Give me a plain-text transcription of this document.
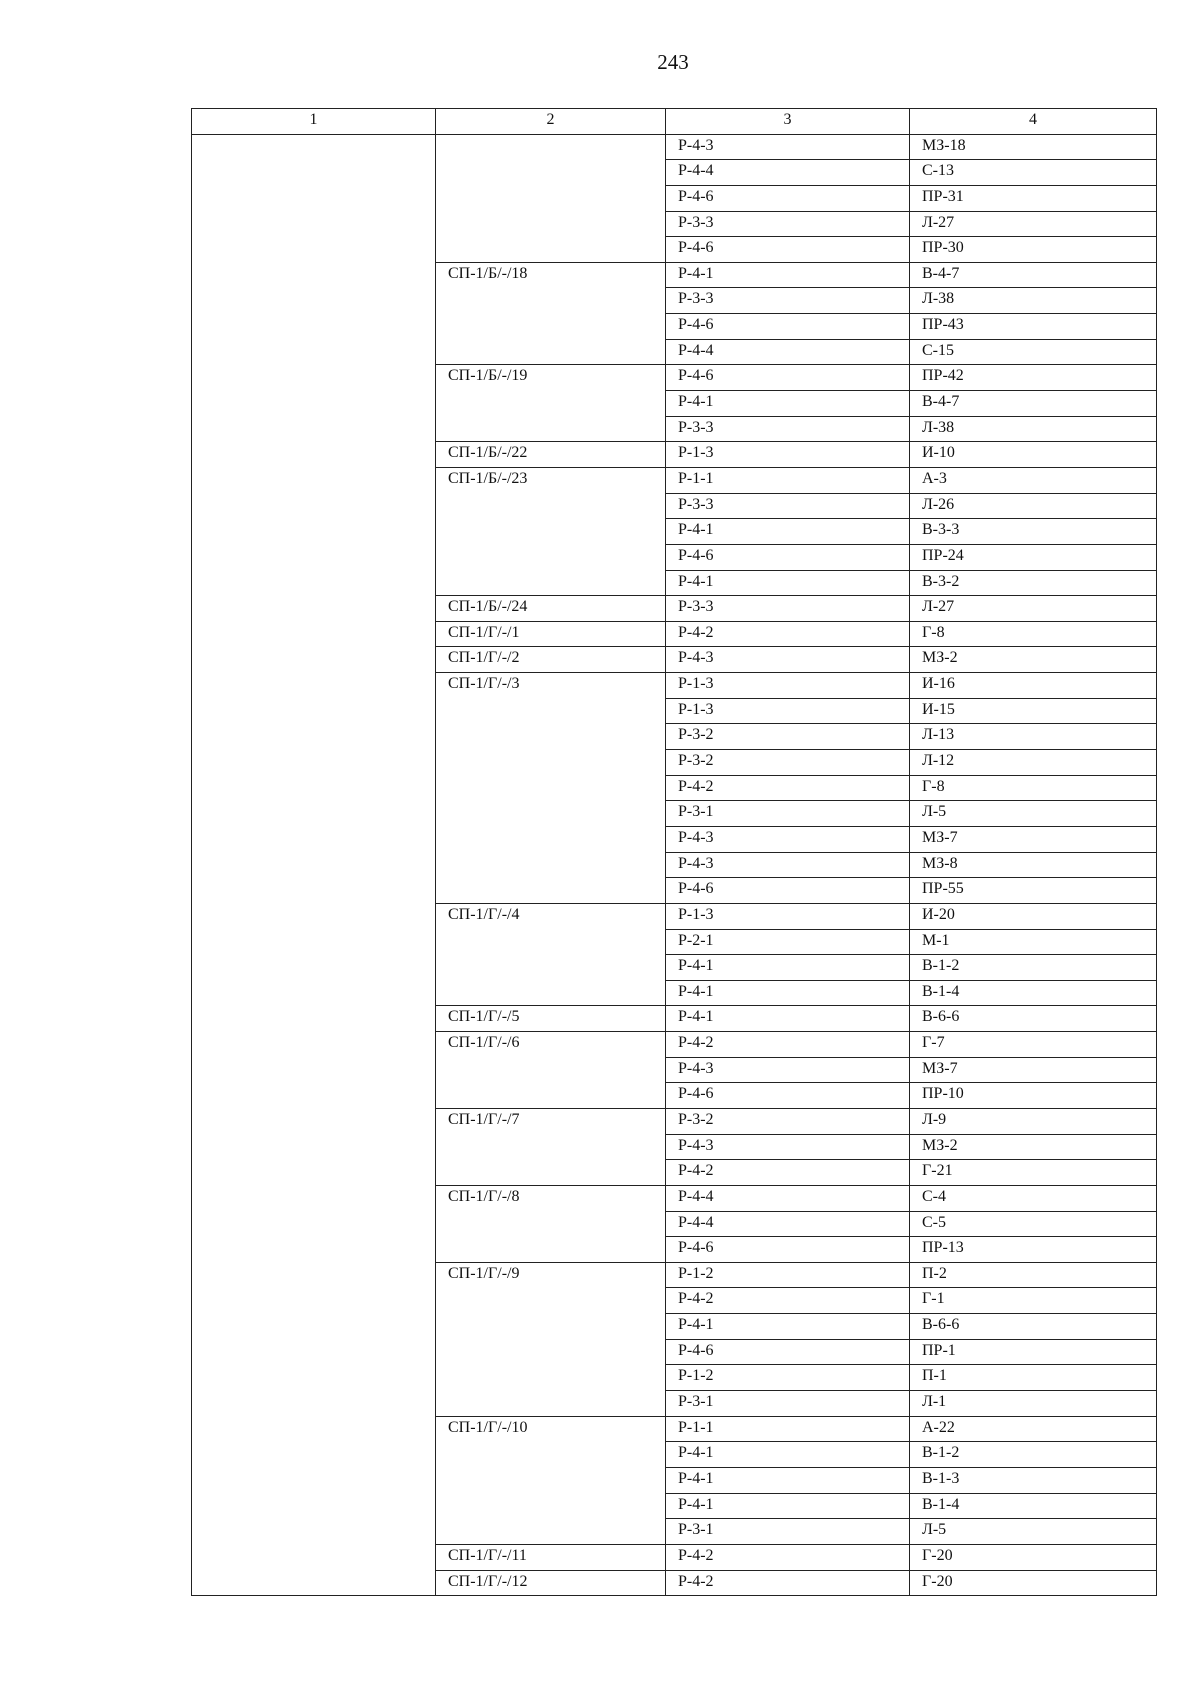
243
1	2	3	4
		Р-4-3	МЗ-18
		Р-4-4	С-13
		Р-4-6	ПР-31
		Р-3-3	Л-27
		Р-4-6	ПР-30
	СП-1/Б/-/18	Р-4-1	В-4-7
		Р-3-3	Л-38
		Р-4-6	ПР-43
		Р-4-4	С-15
	СП-1/Б/-/19	Р-4-6	ПР-42
		Р-4-1	В-4-7
		Р-3-3	Л-38
	СП-1/Б/-/22	Р-1-3	И-10
	СП-1/Б/-/23	Р-1-1	А-3
		Р-3-3	Л-26
		Р-4-1	В-3-3
		Р-4-6	ПР-24
		Р-4-1	В-3-2
	СП-1/Б/-/24	Р-3-3	Л-27
	СП-1/Г/-/1	Р-4-2	Г-8
	СП-1/Г/-/2	Р-4-3	МЗ-2
	СП-1/Г/-/3	Р-1-3	И-16
		Р-1-3	И-15
		Р-3-2	Л-13
		Р-3-2	Л-12
		Р-4-2	Г-8
		Р-3-1	Л-5
		Р-4-3	МЗ-7
		Р-4-3	МЗ-8
		Р-4-6	ПР-55
	СП-1/Г/-/4	Р-1-3	И-20
		Р-2-1	М-1
		Р-4-1	В-1-2
		Р-4-1	В-1-4
	СП-1/Г/-/5	Р-4-1	В-6-6
	СП-1/Г/-/6	Р-4-2	Г-7
		Р-4-3	МЗ-7
		Р-4-6	ПР-10
	СП-1/Г/-/7	Р-3-2	Л-9
		Р-4-3	МЗ-2
		Р-4-2	Г-21
	СП-1/Г/-/8	Р-4-4	С-4
		Р-4-4	С-5
		Р-4-6	ПР-13
	СП-1/Г/-/9	Р-1-2	П-2
		Р-4-2	Г-1
		Р-4-1	В-6-6
		Р-4-6	ПР-1
		Р-1-2	П-1
		Р-3-1	Л-1
	СП-1/Г/-/10	Р-1-1	А-22
		Р-4-1	В-1-2
		Р-4-1	В-1-3
		Р-4-1	В-1-4
		Р-3-1	Л-5
	СП-1/Г/-/11	Р-4-2	Г-20
	СП-1/Г/-/12	Р-4-2	Г-20
